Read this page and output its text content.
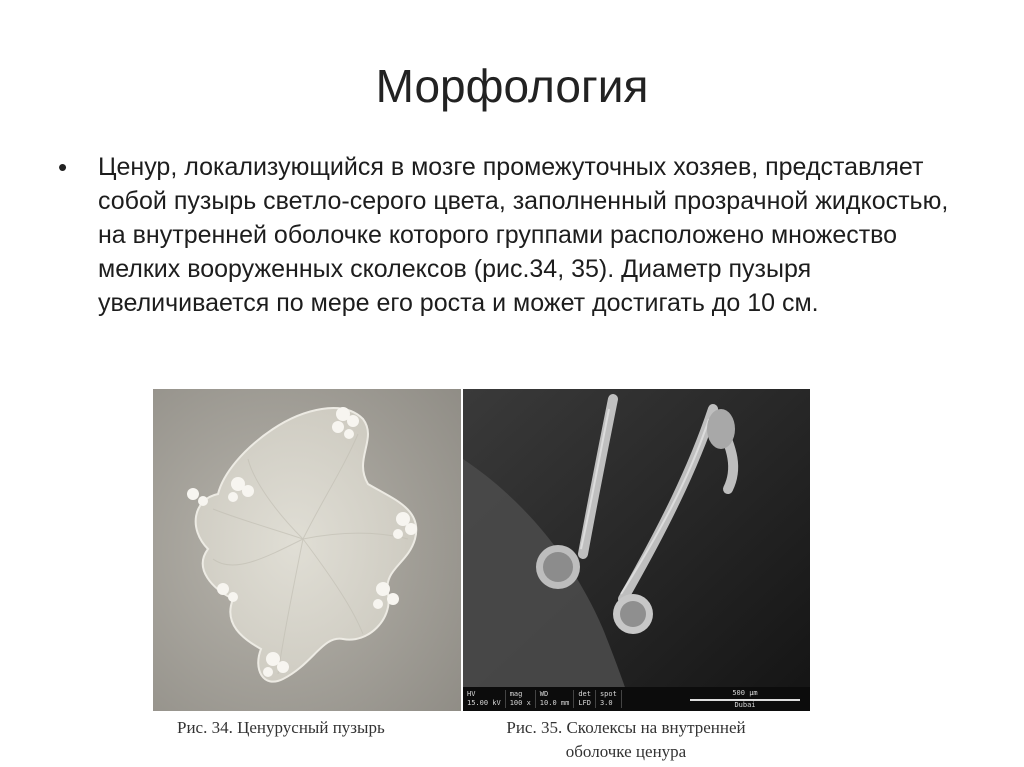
Морфология
•	Ценур, локализующийся в мозге промежуточных хозяев, представляет собой пузырь светло-серого цвета, заполненный прозрачной жидкостью, на внутренней оболочке которого группами расположено множество мелких вооруженных сколексов (рис.34, 35). Диаметр пузыря увеличивается по мере его роста и может достигать до 10 см.
HV
15.00 kV
mag
100 x
WD
10.0 mm
det
LFD
spot
3.0
500 µm
Dubai
Рис. 34. Ценурусный пузырь	Рис. 35. Сколексы на внутренней
оболочке ценура
